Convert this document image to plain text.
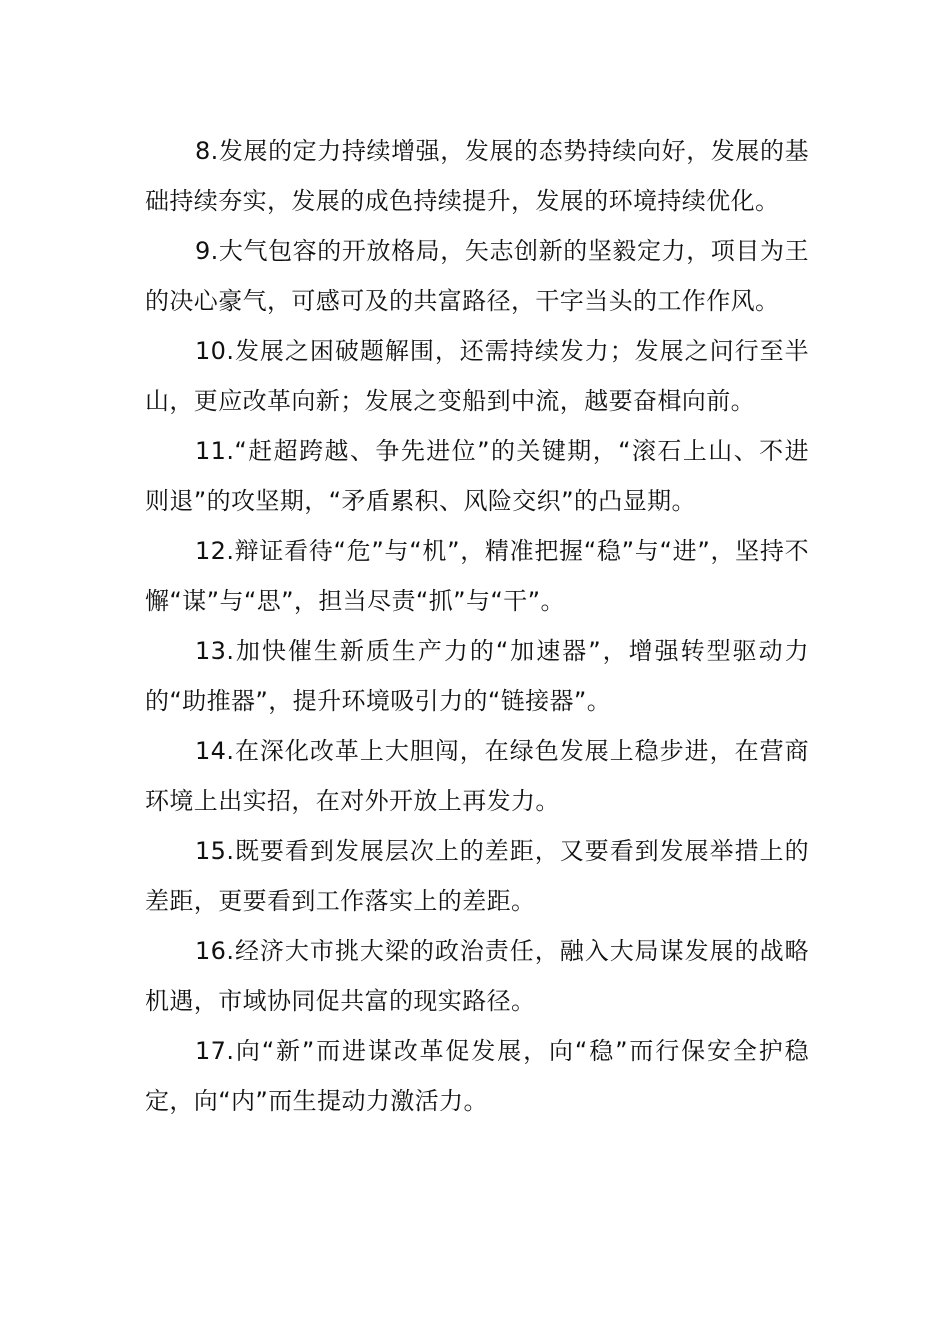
8.发展的定力持续增强，发展的态势持续向好，发展的基础持续夯实，发展的成色持续提升，发展的环境持续优化。

9.大气包容的开放格局，矢志创新的坚毅定力，项目为王的决心豪气，可感可及的共富路径，干字当头的工作作风。

10.发展之困破题解围，还需持续发力；发展之问行至半山，更应改革向新；发展之变船到中流，越要奋楫向前。

11.“赶超跨越、争先进位”的关键期，“滚石上山、不进则退”的攻坚期，“矛盾累积、风险交织”的凸显期。

12.辩证看待“危”与“机”，精准把握“稳”与“进”，坚持不懈“谋”与“思”，担当尽责“抓”与“干”。

13.加快催生新质生产力的“加速器”，增强转型驱动力的“助推器”，提升环境吸引力的“链接器”。

14.在深化改革上大胆闯，在绿色发展上稳步进，在营商环境上出实招，在对外开放上再发力。

15.既要看到发展层次上的差距，又要看到发展举措上的差距，更要看到工作落实上的差距。

16.经济大市挑大梁的政治责任，融入大局谋发展的战略机遇，市域协同促共富的现实路径。

17.向“新”而进谋改革促发展，向“稳”而行保安全护稳定，向“内”而生提动力激活力。
